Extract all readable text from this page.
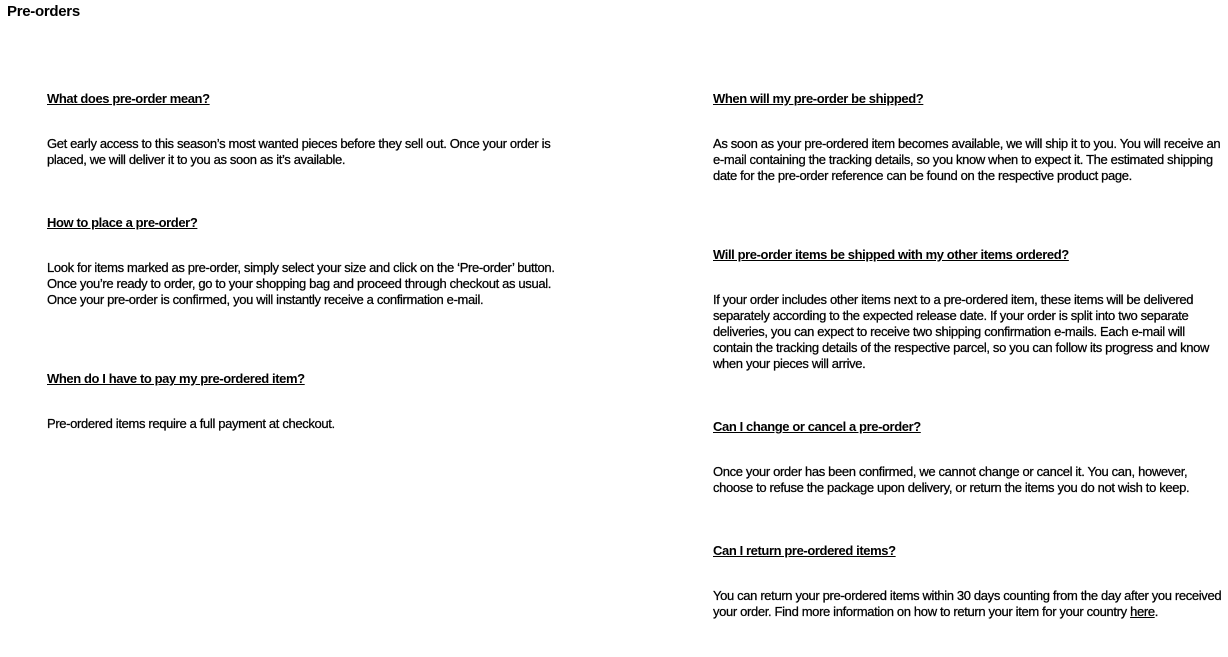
Pre-orders

What does pre-order mean?

Get early access to this season’s most wanted pieces before they sell out. Once your order is placed, we will deliver it to you as soon as it’s available.

How to place a pre-order?

Look for items marked as pre-order, simply select your size and click on the ‘Pre-order’ button. Once you’re ready to order, go to your shopping bag and proceed through checkout as usual. Once your pre-order is confirmed, you will instantly receive a confirmation e-mail.

When do I have to pay my pre-ordered item?

Pre-ordered items require a full payment at checkout.

When will my pre-order be shipped?

As soon as your pre-ordered item becomes available, we will ship it to you. You will receive an e-mail containing the tracking details, so you know when to expect it. The estimated shipping date for the pre-order reference can be found on the respective product page.

Will pre-order items be shipped with my other items ordered?

If your order includes other items next to a pre-ordered item, these items will be delivered separately according to the expected release date. If your order is split into two separate deliveries, you can expect to receive two shipping confirmation e-mails. Each e-mail will contain the tracking details of the respective parcel, so you can follow its progress and know when your pieces will arrive.

Can I change or cancel a pre-order?

Once your order has been confirmed, we cannot change or cancel it. You can, however, choose to refuse the package upon delivery, or return the items you do not wish to keep.

Can I return pre-ordered items?

You can return your pre-ordered items within 30 days counting from the day after you received your order. Find more information on how to return your item for your country here.
